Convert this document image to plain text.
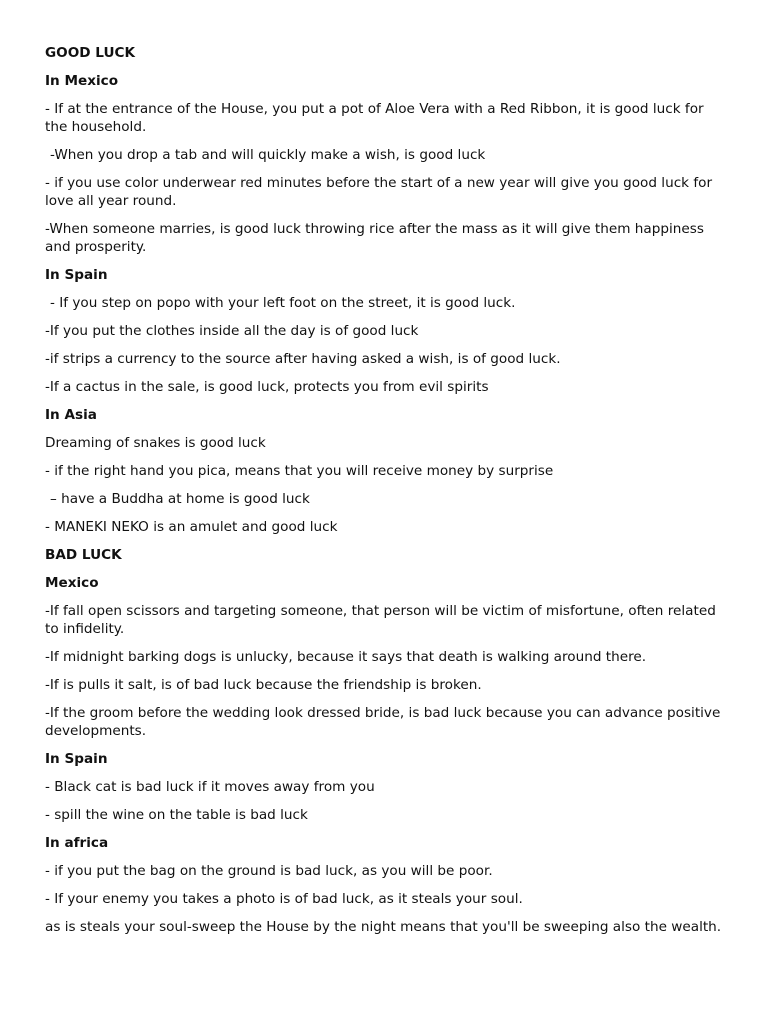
GOOD LUCK
In Mexico
- If at the entrance of the House, you put a pot of Aloe Vera with a Red Ribbon, it is good luck for the household.
-When you drop a tab and will quickly make a wish, is good luck
- if you use color underwear red minutes before the start of a new year will give you good luck for love all year round.
-When someone marries, is good luck throwing rice after the mass as it will give them happiness and prosperity.
In Spain
- If you step on popo with your left foot on the street, it is good luck.
-If you put the clothes inside all the day is of good luck
-if strips a currency to the source after having asked a wish, is of good luck.
-If a cactus in the sale, is good luck, protects you from evil spirits
In Asia
Dreaming of snakes is good luck
- if the right hand you pica, means that you will receive money by surprise
– have a Buddha at home is good luck
- MANEKI NEKO is an amulet and good luck
BAD LUCK
Mexico
-If fall open scissors and targeting someone, that person will be victim of misfortune, often related to infidelity.
-If midnight barking dogs is unlucky, because it says that death is walking around there.
-If is pulls it salt, is of bad luck because the friendship is broken.
-If the groom before the wedding look dressed bride, is bad luck because you can advance positive developments.
In Spain
- Black cat is bad luck if it moves away from you
- spill the wine on the table is bad luck
In africa
- if you put the bag on the ground is bad luck, as you will be poor.
- If your enemy you takes a photo is of bad luck, as it steals your soul.
as is steals your soul-sweep the House by the night means that you'll be sweeping also the wealth.
